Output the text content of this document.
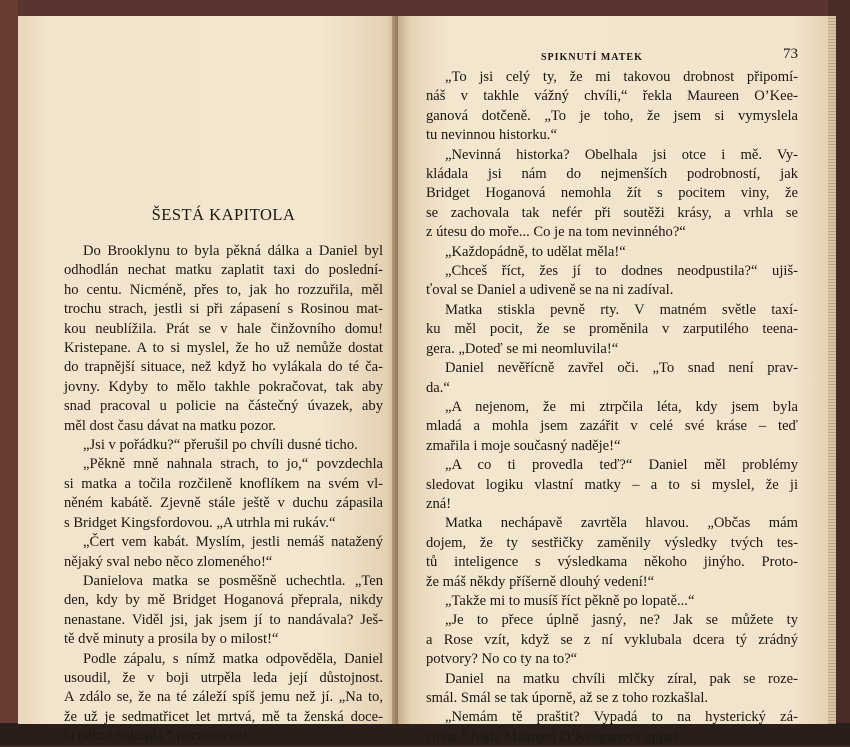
ŠESTÁ KAPITOLA
Do Brooklynu to byla pěkná dálka a Daniel byl
odhodlán nechat matku zaplatit taxi do poslední-
ho centu. Nicméně, přes to, jak ho rozzuřila, měl
trochu strach, jestli si při zápasení s Rosinou mat-
kou neublížila. Prát se v hale činžovního domu!
Kristepane. A to si myslel, že ho už nemůže dostat
do trapnější situace, než když ho vylákala do té ča-
jovny. Kdyby to mělo takhle pokračovat, tak aby
snad pracoval u policie na částečný úvazek, aby
měl dost času dávat na matku pozor.
„Jsi v pořádku?“ přerušil po chvíli dusné ticho.
„Pěkně mně nahnala strach, to jo,“ povzdechla
si matka a točila rozčileně knoflíkem na svém vl-
něném kabátě. Zjevně stále ještě v duchu zápasila
s Bridget Kingsfordovou. „A utrhla mi rukáv.“
„Čert vem kabát. Myslím, jestli nemáš natažený
nějaký sval nebo něco zlomeného!“
Danielova matka se posměšně uchechtla. „Ten
den, kdy by mě Bridget Hoganová přeprala, nikdy
nenastane. Viděl jsi, jak jsem jí to nandávala? Ješ-
tě dvě minuty a prosila by o milost!“
Podle zápalu, s nímž matka odpověděla, Daniel
usoudil, že v boji utrpěla leda její důstojnost.
A zdálo se, že na té záleží spíš jemu než jí. „Na to,
že už je sedmatřicet let mrtvá, mě ta ženská doce-
la pěkně nakopla,“ poznamenal.
SPIKNUTÍ MATEK	73
„To jsi celý ty, že mi takovou drobnost připomí-
náš v takhle vážný chvíli,“ řekla Maureen O’Kee-
ganová dotčeně. „To je toho, že jsem si vymyslela
tu nevinnou historku.“
„Nevinná historka? Obelhala jsi otce i mě. Vy-
kládala jsi nám do nejmenších podrobností, jak
Bridget Hoganová nemohla žít s pocitem viny, že
se zachovala tak nefér při soutěži krásy, a vrhla se
z útesu do moře... Co je na tom nevinného?“
„Každopádně, to udělat měla!“
„Chceš říct, žes jí to dodnes neodpustila?“ ujiš-
ťoval se Daniel a udiveně se na ni zadíval.
Matka stiskla pevně rty. V matném světle taxí-
ku měl pocit, že se proměnila v zarputilého teena-
gera. „Doteď se mi neomluvila!“
Daniel nevěřícně zavřel oči. „To snad není prav-
da.“
„A nejenom, že mi ztrpčila léta, kdy jsem byla
mladá a mohla jsem zazářit v celé své kráse – teď
zmařila i moje současný naděje!“
„A co ti provedla teď?“ Daniel měl problémy
sledovat logiku vlastní matky – a to si myslel, že ji
zná!
Matka nechápavě zavrtěla hlavou. „Občas mám
dojem, že ty sestřičky zaměnily výsledky tvých tes-
tů inteligence s výsledkama někoho jinýho. Proto-
že máš někdy příšerně dlouhý vedení!“
„Takže mi to musíš říct pěkně po lopatě...“
„Je to přece úplně jasný, ne? Jak se můžete ty
a Rose vzít, když se z ní vyklubala dcera tý zrádný
potvory? No co ty na to?“
Daniel na matku chvíli mlčky zíral, pak se roze-
smál. Smál se tak úporně, až se z toho rozkašlal.
„Nemám tě praštit? Vypadá to na hysterický zá-
chvat,“ řekla Maureen O’Keeganová upjatě.
